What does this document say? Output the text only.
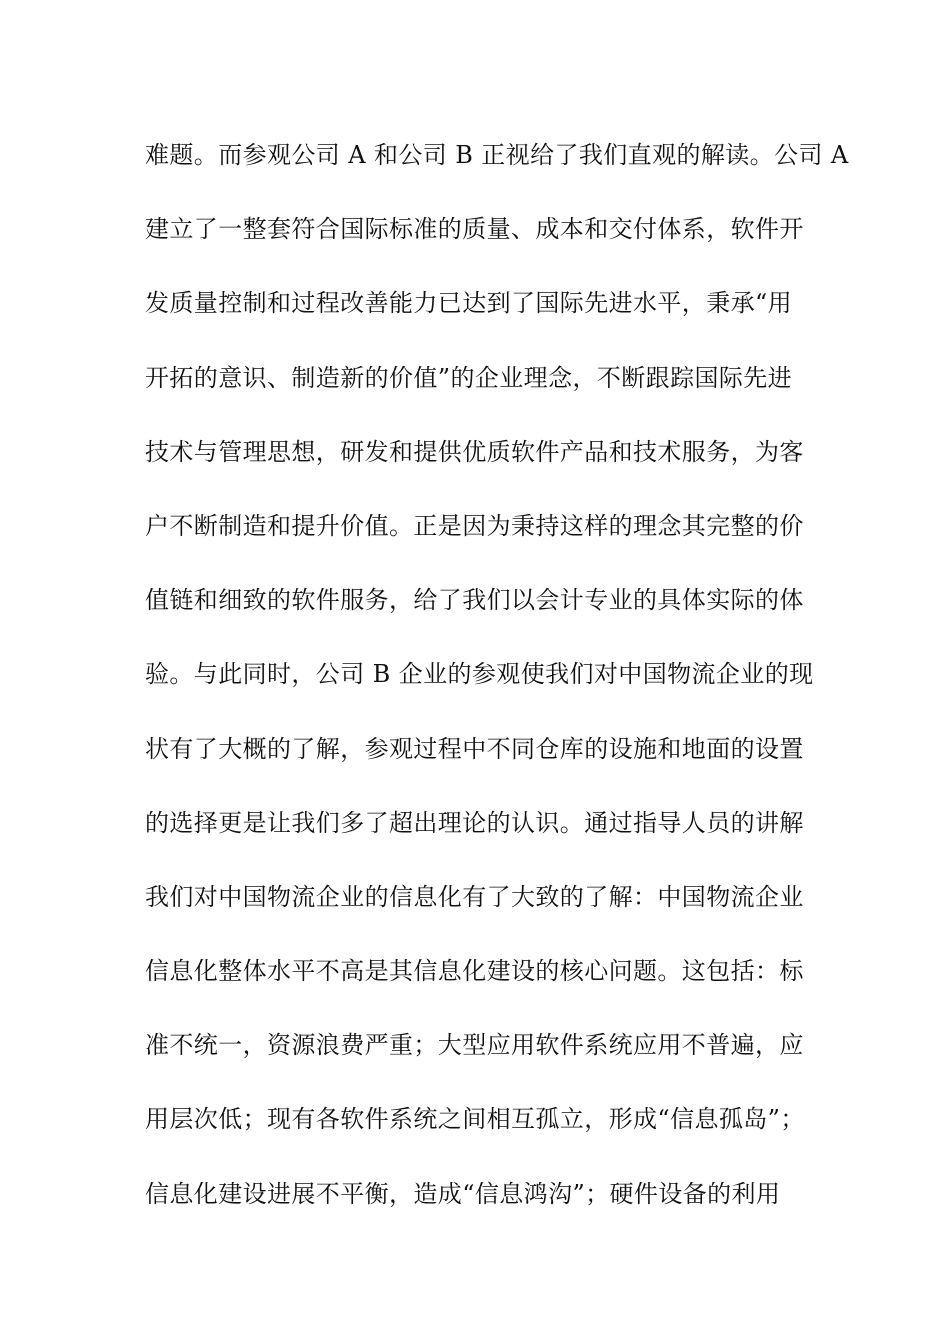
难题。而参观公司 A 和公司 B 正视给了我们直观的解读。公司 A
建立了一整套符合国际标准的质量、成本和交付体系，软件开
发质量控制和过程改善能力已达到了国际先进水平，秉承“用
开拓的意识、制造新的价值”的企业理念，不断跟踪国际先进
技术与管理思想，研发和提供优质软件产品和技术服务，为客
户不断制造和提升价值。正是因为秉持这样的理念其完整的价
值链和细致的软件服务，给了我们以会计专业的具体实际的体
验。与此同时，公司 B 企业的参观使我们对中国物流企业的现
状有了大概的了解，参观过程中不同仓库的设施和地面的设置
的选择更是让我们多了超出理论的认识。通过指导人员的讲解
我们对中国物流企业的信息化有了大致的了解：中国物流企业
信息化整体水平不高是其信息化建设的核心问题。这包括：标
准不统一，资源浪费严重；大型应用软件系统应用不普遍，应
用层次低；现有各软件系统之间相互孤立，形成“信息孤岛”；
信息化建设进展不平衡，造成“信息鸿沟”；硬件设备的利用
